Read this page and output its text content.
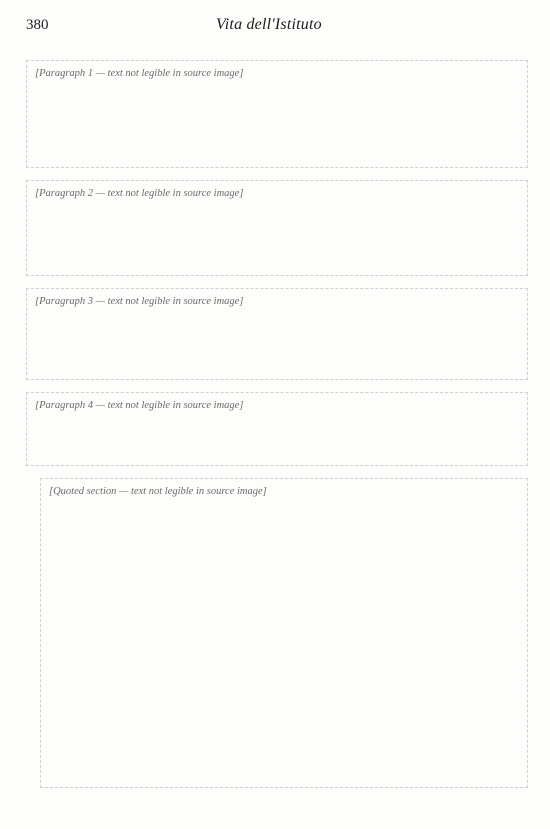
380	Vita dell'Istituto

[Paragraph 1 — text not legible in source image]

[Paragraph 2 — text not legible in source image]

[Paragraph 3 — text not legible in source image]

[Paragraph 4 — text not legible in source image]

[Quoted section — text not legible in source image]
